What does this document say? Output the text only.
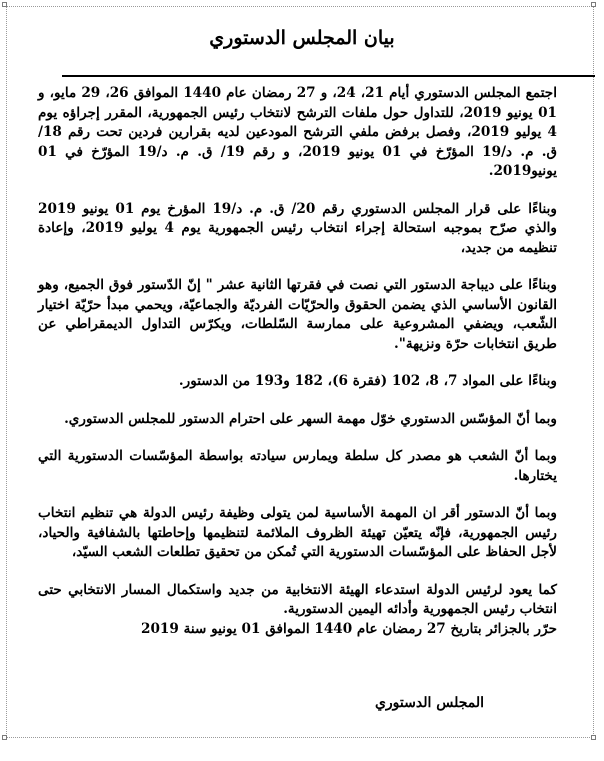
بيان المجلس الدستوري

اجتمع المجلس الدستوري أيام 21، 24، و 27 رمضان عام 1440 الموافق 26، 29 مايو، و 01 يونيو 2019، للتداول حول ملفات الترشح لانتخاب رئيس الجمهورية، المقرر إجراؤه يوم 4 يوليو 2019، وفصل برفض ملفي الترشح المودعين لديه بقرارين فردين تحت رقم 18/ ق. م. د/19 المؤرّخ في 01 يونيو 2019، و رقم 19/ ق. م. د/19 المؤرّخ في 01 يونيو2019.

وبناءًا على قرار المجلس الدستوري رقم 20/ ق. م. د/19 المؤرخ يوم 01 يونيو 2019 والذي صرّح بموجبه استحالة إجراء انتخاب رئيس الجمهورية يوم 4 يوليو 2019، وإعادة تنظيمه من جديد،

وبناءًا على ديباجة الدستور التي نصت في فقرتها الثانية عشر " إنّ الدّستور فوق الجميع، وهو القانون الأساسي الذي يضمن الحقوق والحرّيّات الفرديّة والجماعيّة، ويحمي مبدأ حرّيّة اختيار الشّعب، ويضفي المشروعية على ممارسة السّلطات، ويكرّس التداول الديمقراطي عن طريق انتخابات حرّة ونزيهة".

وبناءًا على المواد 7، 8، 102 (فقرة 6)، 182 و193 من الدستور.

وبما أنّ المؤسّس الدستوري خوّل مهمة السهر على احترام الدستور للمجلس الدستوري.

وبما أنّ الشعب هو مصدر كل سلطة ويمارس سيادته بواسطة المؤسّسات الدستورية التي يختارها.

وبما أنّ الدستور أقر ان المهمة الأساسية لمن يتولى وظيفة رئيس الدولة هي تنظيم انتخاب رئيس الجمهورية، فإنّه يتعيّن تهيئة الظروف الملائمة لتنظيمها وإحاطتها بالشفافية والحياد، لأجل الحفاظ على المؤسّسات الدستورية التي تُمكن من تحقيق تطلعات الشعب السيّد،

كما يعود لرئيس الدولة استدعاء الهيئة الانتخابية من جديد واستكمال المسار الانتخابي حتى انتخاب رئيس الجمهورية وأدائه اليمين الدستورية.

حرّر بالجزائر بتاريخ 27 رمضان عام 1440 الموافق 01 يونيو سنة 2019

المجلس الدستوري
